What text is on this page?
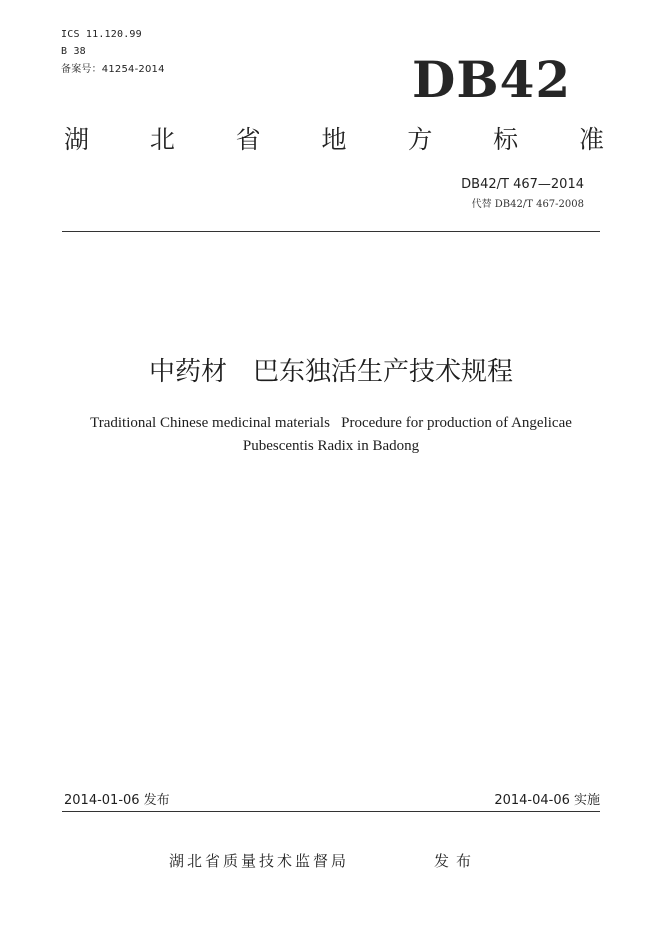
ICS 11.120.99
B 38
备案号：41254-2014	DB42
湖 北 省 地 方 标 准
DB42/T 467—2014
代替 DB42/T 467-2008
中药材 巴东独活生产技术规程
Traditional Chinese medicinal materials   Procedure for production of Angelicae
Pubescentis Radix in Badong
2014-01-06 发布	2014-04-06 实施
湖北省质量技术监督局	发布
